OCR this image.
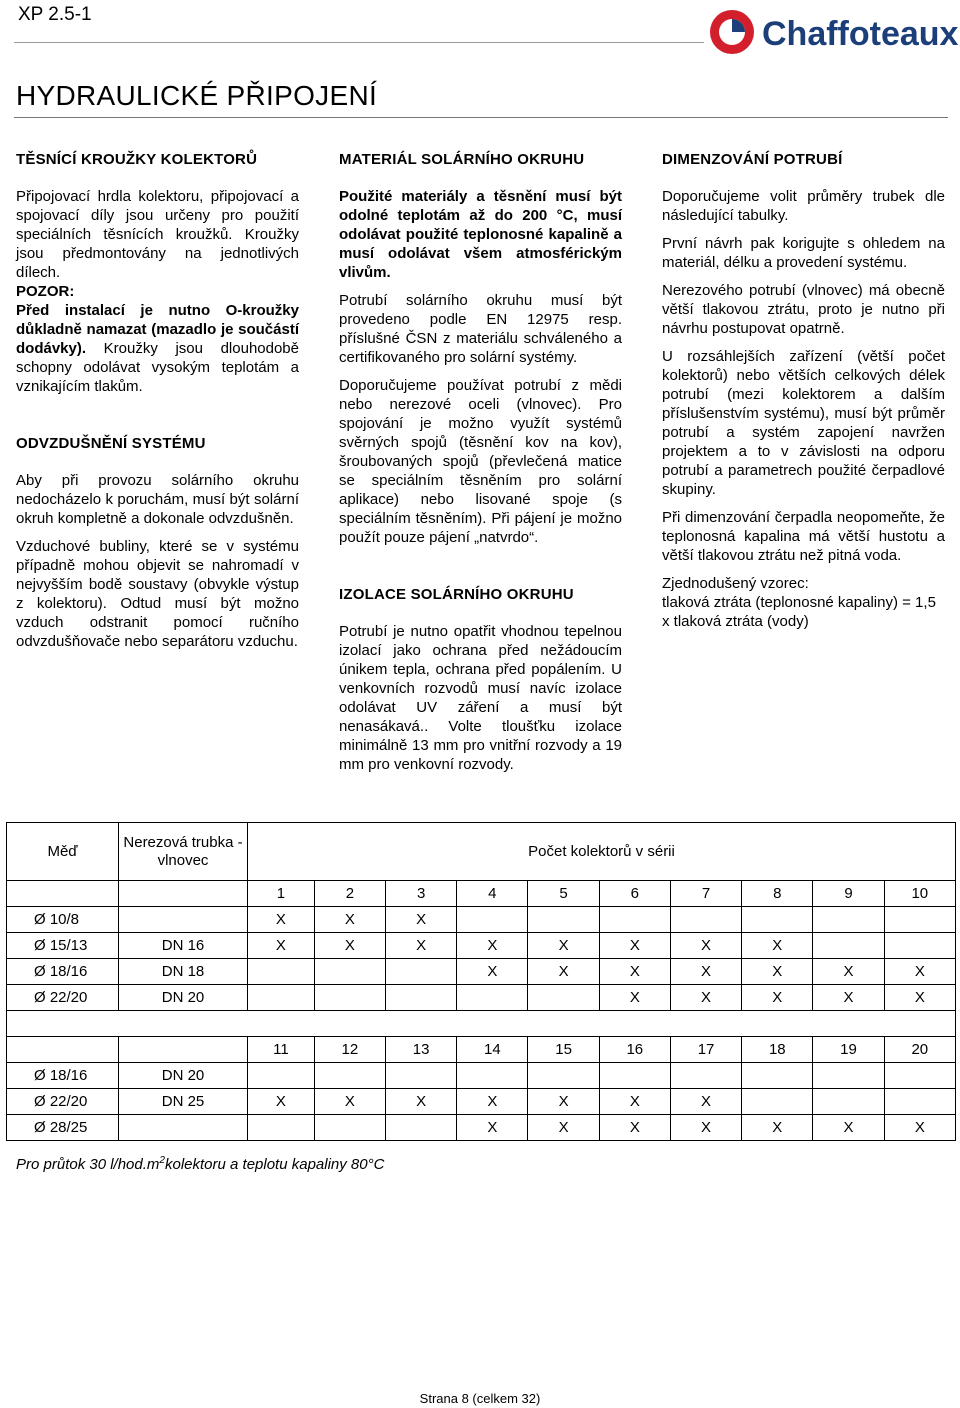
XP 2.5-1
Chaffoteaux
HYDRAULICKÉ PŘIPOJENÍ
TĚSNÍCÍ KROUŽKY KOLEKTORŮ

Připojovací hrdla kolektoru, připojovací a spojovací díly jsou určeny pro použití speciálních těsnících kroužků. Kroužky jsou předmontovány na jednotlivých dílech.

POZOR:
Před instalací je nutno O-kroužky důkladně namazat (mazadlo je součástí dodávky). Kroužky jsou dlouhodobě schopny odolávat vysokým teplotám a vznikajícím tlakům.

ODVZDUŠNĚNÍ SYSTÉMU

Aby při provozu solárního okruhu nedocházelo k poruchám, musí být solární okruh kompletně a dokonale odvzdušněn.

Vzduchové bubliny, které se v systému případně mohou objevit se nahromadí v nejvyšším bodě soustavy (obvykle výstup z kolektoru). Odtud musí být možno vzduch odstranit pomocí ručního odvzdušňovače nebo separátoru vzduchu.

MATERIÁL SOLÁRNÍHO OKRUHU

Použité materiály a těsnění musí být odolné teplotám až do 200 °C, musí odolávat použité teplonosné kapalině a musí odolávat všem atmosférickým vlivům.

Potrubí solárního okruhu musí být provedeno podle EN 12975 resp. příslušné ČSN z materiálu schváleného a certifikovaného pro solární systémy.

Doporučujeme používat potrubí z mědi nebo nerezové oceli (vlnovec). Pro spojování je možno využít systémů svěrných spojů (těsnění kov na kov), šroubovaných spojů (převlečená matice se speciálním těsněním pro solární aplikace) nebo lisované spoje (s speciálním těsněním). Při pájení je možno použít pouze pájení „natvrdo“.

IZOLACE SOLÁRNÍHO OKRUHU

Potrubí je nutno opatřit vhodnou tepelnou izolací jako ochrana před nežádoucím únikem tepla, ochrana před popálením. U venkovních rozvodů musí navíc izolace odolávat UV záření a musí být nenasákavá.. Volte tloušťku izolace minimálně 13 mm pro vnitřní rozvody a 19 mm pro venkovní rozvody.

DIMENZOVÁNÍ POTRUBÍ

Doporučujeme volit průměry trubek dle následující tabulky.

První návrh pak korigujte s ohledem na materiál, délku a provedení systému.

Nerezového potrubí (vlnovec) má obecně větší tlakovou ztrátu, proto je nutno při návrhu postupovat opatrně.

U rozsáhlejších zařízení (větší počet kolektorů) nebo větších celkových délek potrubí (mezi kolektorem a dalším příslušenstvím systému), musí být průměr potrubí a systém zapojení navržen projektem a to v závislosti na odporu potrubí a parametrech použité čerpadlové skupiny.

Při dimenzování čerpadla neopomeňte, že teplonosná kapalina má větší hustotu a větší tlakovou ztrátu než pitná voda.

Zjednodušený vzorec:
tlaková ztráta (teplonosné kapaliny) = 1,5 x tlaková ztráta (vody)

Měď	Nerezová trubka - vlnovec	Počet kolektorů v sérii									
		1	2	3	4	5	6	7	8	9	10
Ø 10/8		X	X	X							
Ø 15/13	DN 16	X	X	X	X	X	X	X	X		
Ø 18/16	DN 18				X	X	X	X	X	X	X
Ø 22/20	DN 20						X	X	X	X	X

		11	12	13	14	15	16	17	18	19	20
Ø 18/16	DN 20										
Ø 22/20	DN 25	X	X	X	X	X	X	X			
Ø 28/25					X	X	X	X	X	X	X
Pro průtok 30 $l/hod.m^2kolektoru$ a teplotu kapaliny 80°C
Strana 8 (celkem 32)
